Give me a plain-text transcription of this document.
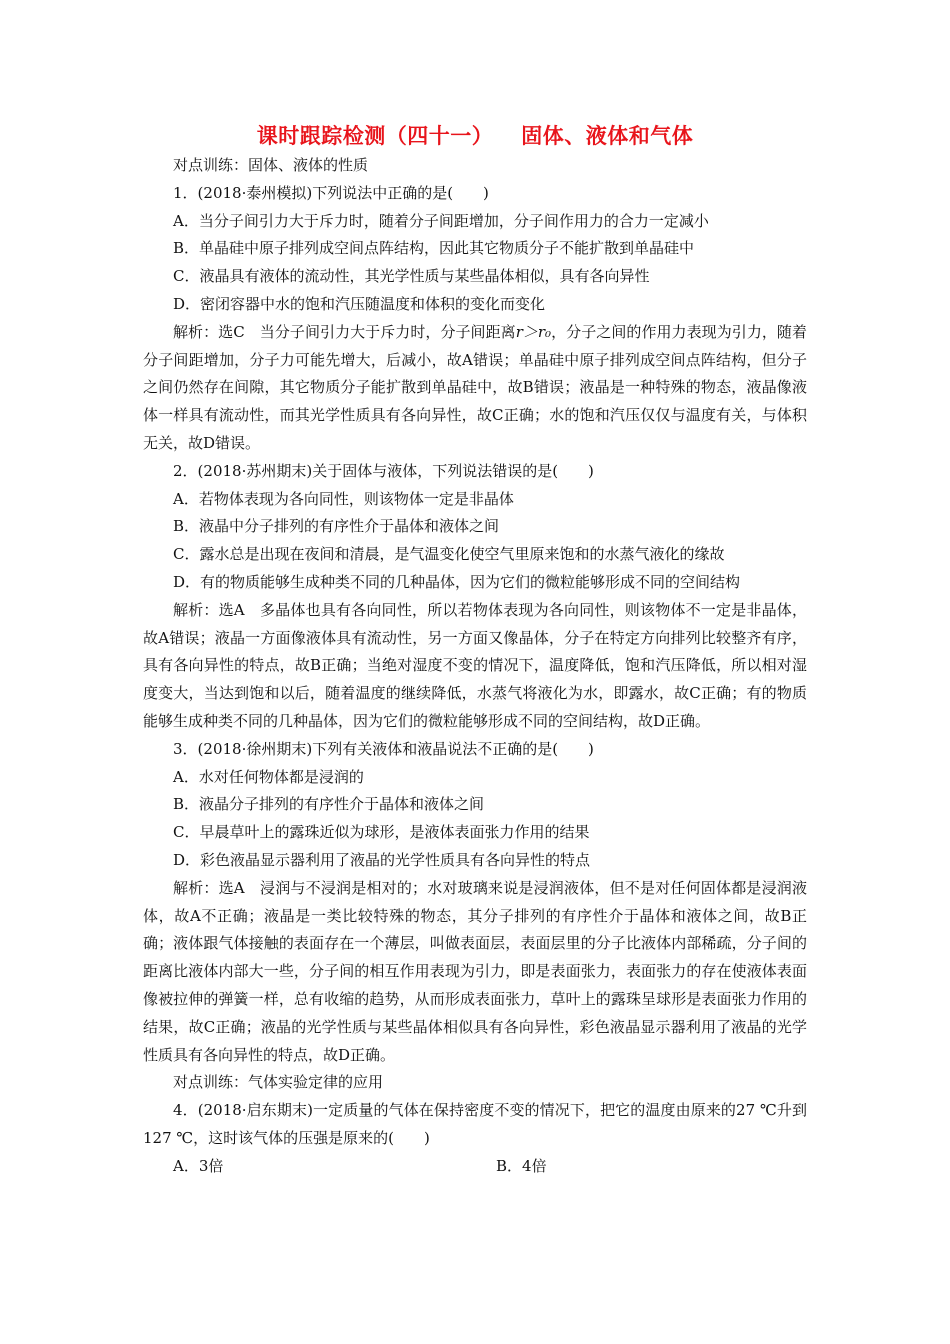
课时跟踪检测（四十一） 固体、液体和气体

对点训练：固体、液体的性质

1．(2018·泰州模拟)下列说法中正确的是(　　)

A．当分子间引力大于斥力时，随着分子间距增加，分子间作用力的合力一定减小

B．单晶硅中原子排列成空间点阵结构，因此其它物质分子不能扩散到单晶硅中

C．液晶具有液体的流动性，其光学性质与某些晶体相似，具有各向异性

D．密闭容器中水的饱和汽压随温度和体积的变化而变化

解析：选C　当分子间引力大于斥力时，分子间距离r＞r₀，分子之间的作用力表现为引力，随着分子间距增加，分子力可能先增大，后减小，故A错误；单晶硅中原子排列成空间点阵结构，但分子之间仍然存在间隙，其它物质分子能扩散到单晶硅中，故B错误；液晶是一种特殊的物态，液晶像液体一样具有流动性，而其光学性质具有各向异性，故C正确；水的饱和汽压仅仅与温度有关，与体积无关，故D错误。

2．(2018·苏州期末)关于固体与液体，下列说法错误的是(　　)

A．若物体表现为各向同性，则该物体一定是非晶体

B．液晶中分子排列的有序性介于晶体和液体之间

C．露水总是出现在夜间和清晨，是气温变化使空气里原来饱和的水蒸气液化的缘故

D．有的物质能够生成种类不同的几种晶体，因为它们的微粒能够形成不同的空间结构

解析：选A　多晶体也具有各向同性，所以若物体表现为各向同性，则该物体不一定是非晶体，故A错误；液晶一方面像液体具有流动性，另一方面又像晶体，分子在特定方向排列比较整齐有序，具有各向异性的特点，故B正确；当绝对湿度不变的情况下，温度降低，饱和汽压降低，所以相对湿度变大，当达到饱和以后，随着温度的继续降低，水蒸气将液化为水，即露水，故C正确；有的物质能够生成种类不同的几种晶体，因为它们的微粒能够形成不同的空间结构，故D正确。

3．(2018·徐州期末)下列有关液体和液晶说法不正确的是(　　)

A．水对任何物体都是浸润的

B．液晶分子排列的有序性介于晶体和液体之间

C．早晨草叶上的露珠近似为球形，是液体表面张力作用的结果

D．彩色液晶显示器利用了液晶的光学性质具有各向异性的特点

解析：选A　浸润与不浸润是相对的；水对玻璃来说是浸润液体，但不是对任何固体都是浸润液体，故A不正确；液晶是一类比较特殊的物态，其分子排列的有序性介于晶体和液体之间，故B正确；液体跟气体接触的表面存在一个薄层，叫做表面层，表面层里的分子比液体内部稀疏，分子间的距离比液体内部大一些，分子间的相互作用表现为引力，即是表面张力，表面张力的存在使液体表面像被拉伸的弹簧一样，总有收缩的趋势，从而形成表面张力，草叶上的露珠呈球形是表面张力作用的结果，故C正确；液晶的光学性质与某些晶体相似具有各向异性，彩色液晶显示器利用了液晶的光学性质具有各向异性的特点，故D正确。

对点训练：气体实验定律的应用

4．(2018·启东期末)一定质量的气体在保持密度不变的情况下，把它的温度由原来的27 ℃升到127 ℃，这时该气体的压强是原来的(　　)

A．3倍	B．4倍
